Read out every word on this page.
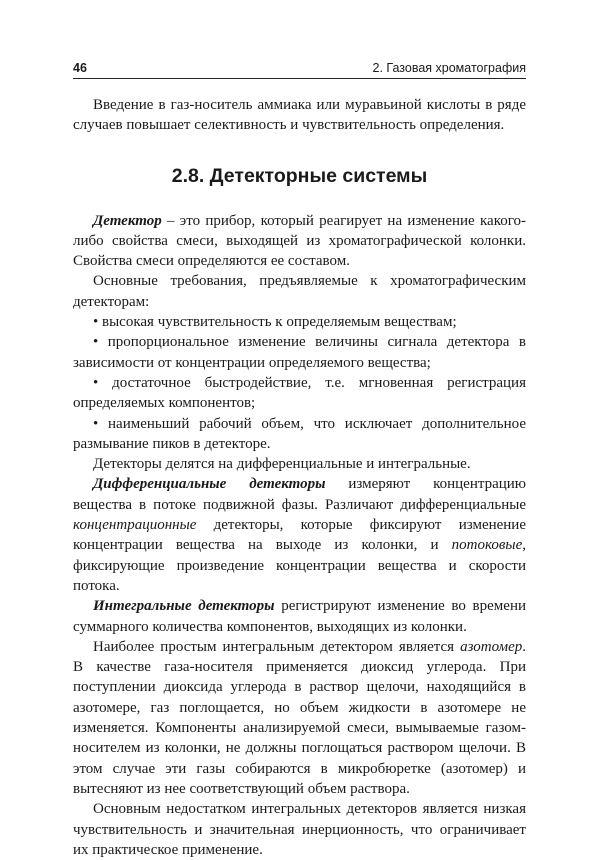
46	2. Газовая хроматография

Введение в газ-носитель аммиака или муравьиной кислоты в ряде случаев повышает селективность и чувствительность определения.

2.8. Детекторные системы

Детектор – это прибор, который реагирует на изменение какого-либо свойства смеси, выходящей из хроматографической колонки. Свойства смеси определяются ее составом.

Основные требования, предъявляемые к хроматографическим детекторам:

• высокая чувствительность к определяемым веществам;

• пропорциональное изменение величины сигнала детектора в зависимости от концентрации определяемого вещества;

• достаточное быстродействие, т.е. мгновенная регистрация определяемых компонентов;

• наименьший рабочий объем, что исключает дополнительное размывание пиков в детекторе.

Детекторы делятся на дифференциальные и интегральные.

Дифференциальные детекторы измеряют концентрацию вещества в потоке подвижной фазы. Различают дифференциальные концентрационные детекторы, которые фиксируют изменение концентрации вещества на выходе из колонки, и потоковые, фиксирующие произведение концентрации вещества и скорости потока.

Интегральные детекторы регистрируют изменение во времени суммарного количества компонентов, выходящих из колонки.

Наиболее простым интегральным детектором является азотомер. В качестве газа-носителя применяется диоксид углерода. При поступлении диоксида углерода в раствор щелочи, находящийся в азотомере, газ поглощается, но объем жидкости в азотомере не изменяется. Компоненты анализируемой смеси, вымываемые газом-носителем из колонки, не должны поглощаться раствором щелочи. В этом случае эти газы собираются в микробюретке (азотомер) и вытесняют из нее соответствующий объем раствора.

Основным недостатком интегральных детекторов является низкая чувствительность и значительная инерционность, что ограничивает их практическое применение.
